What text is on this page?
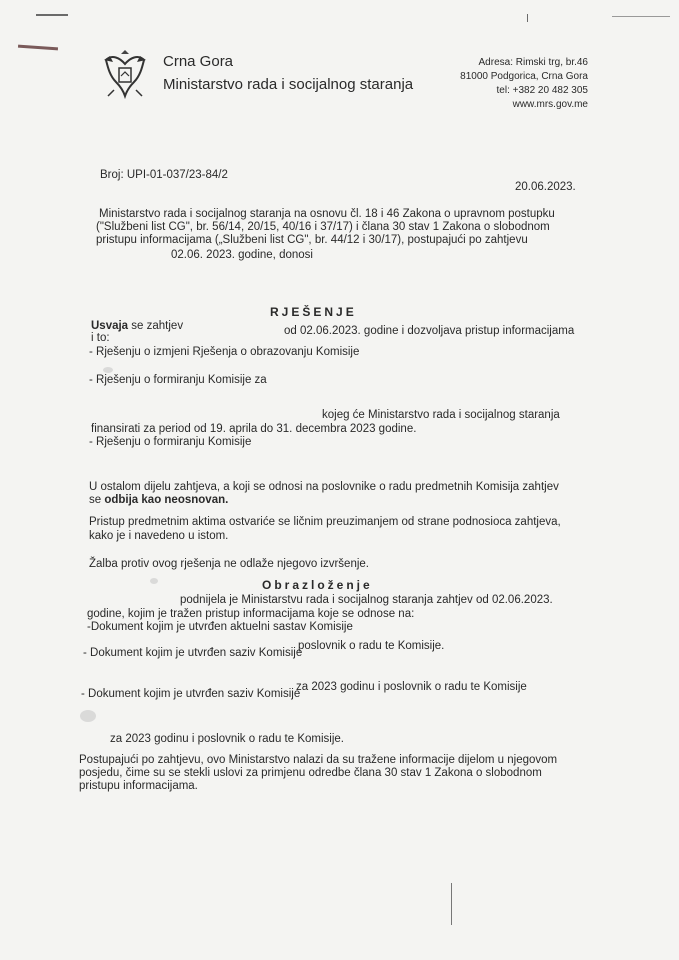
Crna Gora
Ministarstvo rada i socijalnog staranja
Adresa: Rimski trg, br.46
81000 Podgorica, Crna Gora
tel: +382 20 482 305
www.mrs.gov.me
Broj: UPI-01-037/23-84/2
20.06.2023.
Ministarstvo rada i socijalnog staranja na osnovu čl. 18 i 46 Zakona o upravnom postupku
("Službeni list CG", br. 56/14, 20/15, 40/16 i 37/17) i člana 30 stav 1 Zakona o slobodnom
pristupu informacijama („Službeni list CG", br. 44/12 i 30/17), postupajući po zahtjevu
02.06. 2023. godine, donosi
RJEŠENJE
Usvaja se zahtjev	od 02.06.2023. godine i dozvoljava pristup informacijama
i to:
- Rješenju o izmjeni Rješenja o obrazovanju Komisije
- Rješenju o formiranju Komisije za
kojeg će Ministarstvo rada i socijalnog staranja
finansirati za period od 19. aprila do 31. decembra 2023 godine.
- Rješenju o formiranju Komisije
U ostalom dijelu zahtjeva, a koji se odnosi na poslovnike o radu predmetnih Komisija zahtjev
se odbija kao neosnovan.
Pristup predmetnim aktima ostvariće se ličnim preuzimanjem od strane podnosioca zahtjeva,
kako je i navedeno u istom.
Žalba protiv ovog rješenja ne odlaže njegovo izvršenje.
Obrazloženje
podnijela je Ministarstvu rada i socijalnog staranja zahtjev od 02.06.2023.
godine, kojim je tražen pristup informacijama koje se odnose na:
-Dokument kojim je utvrđen aktuelni sastav Komisije
poslovnik o radu te Komisije.
- Dokument kojim je utvrđen saziv Komisije
- Dokument kojim je utvrđen saziv Komisije
za 2023 godinu i poslovnik o radu te Komisije
za 2023 godinu i poslovnik o radu te Komisije.
Postupajući po zahtjevu, ovo Ministarstvo nalazi da su tražene informacije dijelom u njegovom
posjedu, čime su se stekli uslovi za primjenu odredbe člana 30 stav 1 Zakona o slobodnom
pristupu informacijama.
